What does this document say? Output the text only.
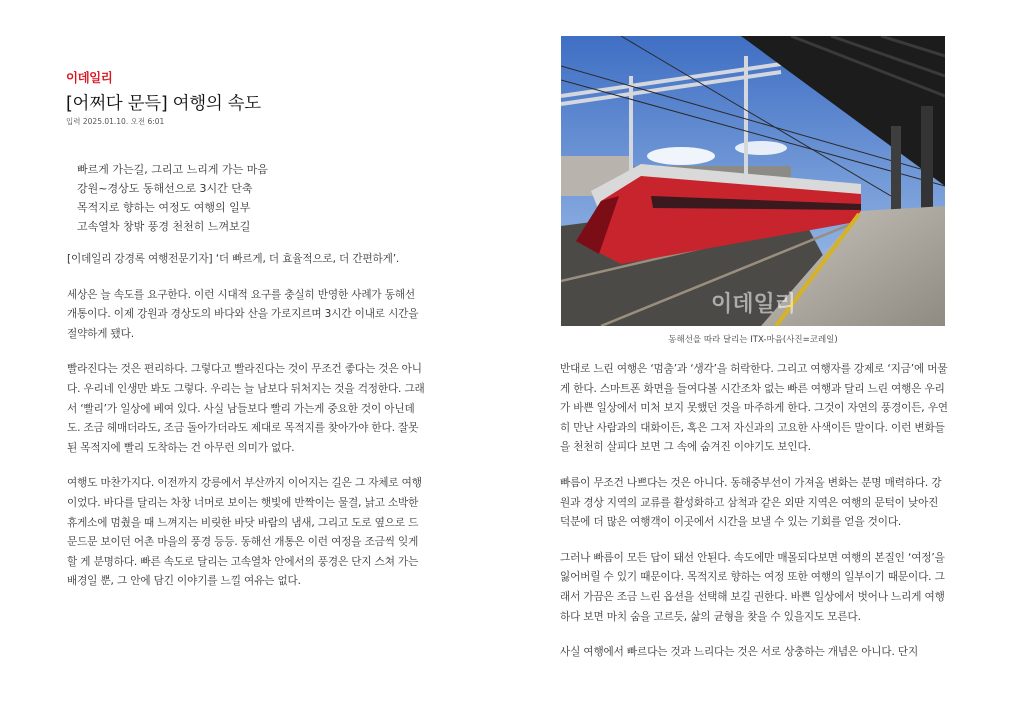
이데일리
[어쩌다 문득] 여행의 속도
입력 2025.01.10. 오전 6:01
빠르게 가는길, 그리고 느리게 가는 마음
강원~경상도 동해선으로 3시간 단축
목적지로 향하는 여정도 여행의 일부
고속열차 창밖 풍경 천천히 느껴보길

[이데일리 강경록 여행전문기자] ‘더 빠르게, 더 효율적으로, 더 간편하게’.

세상은 늘 속도를 요구한다. 이런 시대적 요구를 충실히 반영한 사례가 동해선 개통이다. 이제 강원과 경상도의 바다와 산을 가로지르며 3시간 이내로 시간을 절약하게 됐다.

빨라진다는 것은 편리하다. 그렇다고 빨라진다는 것이 무조건 좋다는 것은 아니다. 우리네 인생만 봐도 그렇다. 우리는 늘 남보다 뒤처지는 것을 걱정한다. 그래서 ‘빨리’가 일상에 베여 있다. 사실 남들보다 빨리 가는게 중요한 것이 아닌데도. 조금 헤매더라도, 조금 돌아가더라도 제대로 목적지를 찾아가야 한다. 잘못된 목적지에 빨리 도착하는 건 아무런 의미가 없다.

여행도 마찬가지다. 이전까지 강릉에서 부산까지 이어지는 길은 그 자체로 여행이었다. 바다를 달리는 차창 너머로 보이는 햇빛에 반짝이는 물결, 낡고 소박한 휴게소에 멈췄을 때 느껴지는 비릿한 바닷 바람의 냄새, 그리고 도로 옆으로 드문드문 보이던 어촌 마을의 풍경 등등. 동해선 개통은 이런 여정을 조금씩 잊게 할 게 분명하다. 빠른 속도로 달리는 고속열차 안에서의 풍경은 단지 스쳐 가는 배경일 뿐, 그 안에 담긴 이야기를 느낄 여유는 없다.

이데일리
동해선을 따라 달리는 ITX-마음(사진=코레일)

반대로 느린 여행은 ‘멈춤’과 ‘생각’을 허락한다. 그리고 여행자를 강제로 ‘지금’에 머물게 한다. 스마트폰 화면을 들여다볼 시간조차 없는 빠른 여행과 달리 느린 여행은 우리가 바쁜 일상에서 미처 보지 못했던 것을 마주하게 한다. 그것이 자연의 풍경이든, 우연히 만난 사람과의 대화이든, 혹은 그저 자신과의 고요한 사색이든 말이다. 이런 변화들을 천천히 살피다 보면 그 속에 숨겨진 이야기도 보인다.

빠름이 무조건 나쁘다는 것은 아니다. 동해중부선이 가져올 변화는 분명 매력하다. 강원과 경상 지역의 교류를 활성화하고 삼척과 같은 외딴 지역은 여행의 문턱이 낮아진 덕분에 더 많은 여행객이 이곳에서 시간을 보낼 수 있는 기회를 얻을 것이다.

그러나 빠름이 모든 답이 돼선 안된다. 속도에만 매몰되다보면 여행의 본질인 ‘여정’을 잃어버릴 수 있기 때문이다. 목적지로 향하는 여정 또한 여행의 일부이기 때문이다. 그래서 가끔은 조금 느린 옵션을 선택해 보길 권한다. 바쁜 일상에서 벗어나 느리게 여행하다 보면 마치 숨을 고르듯, 삶의 균형을 찾을 수 있을지도 모른다.

사실 여행에서 빠르다는 것과 느리다는 것은 서로 상충하는 개념은 아니다. 단지
